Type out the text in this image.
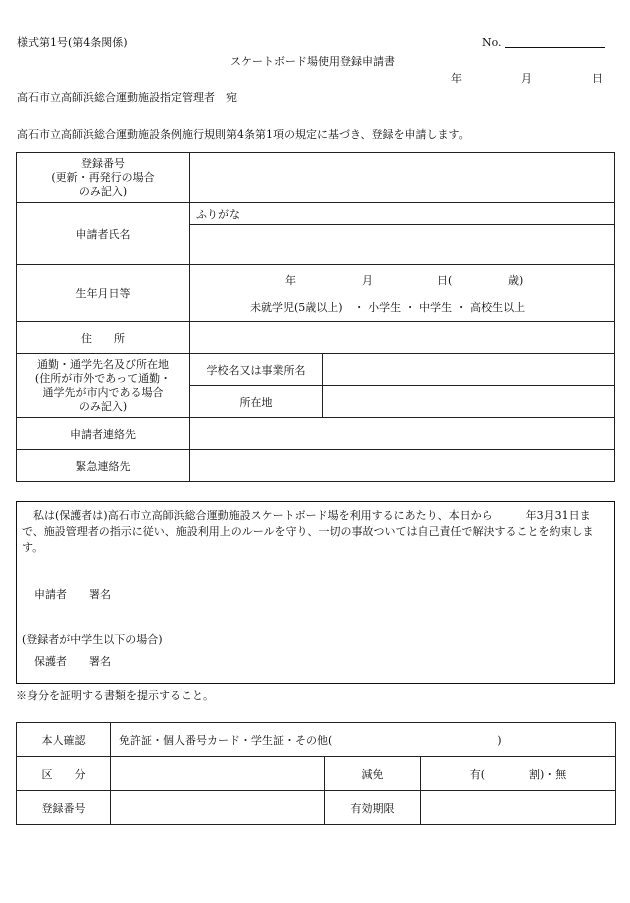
様式第1号(第4条関係)	No.
スケートボード場使用登録申請書
年	月	日
高石市立高師浜総合運動施設指定管理者　宛
高石市立高師浜総合運動施設条例施行規則第4条第1項の規定に基づき、登録を申請します。
登録番号
(更新・再発行の場合
のみ記入)		

申請者氏名	ふりがな	

生年月日等	年 月 日( 歳)
未就学児(5歳以上)　・ 小学生 ・ 中学生 ・ 高校生以上	

住　　所		

通勤・通学先名及び所在地
(住所が市外であって通勤・
通学先が市内である場合
のみ記入)	学校名又は事業所名	
	所在地	
申請者連絡先		
緊急連絡先		
　私は(保護者は)高石市立高師浜総合運動施設スケートボード場を利用するにあたり、本日から　　　年3月31日まで、施設管理者の指示に従い、施設利用上のルールを守り、一切の事故ついては自己責任で解決することを約束します。
申請者　　署名
(登録者が中学生以下の場合)
保護者　　署名
※身分を証明する書類を提示すること。
本人確認	免許証・個人番号カード・学生証・その他(　　　　　　　　　　　　　　　)		
区　　分		減免	有(　　　　割)・無
登録番号		有効期限	
